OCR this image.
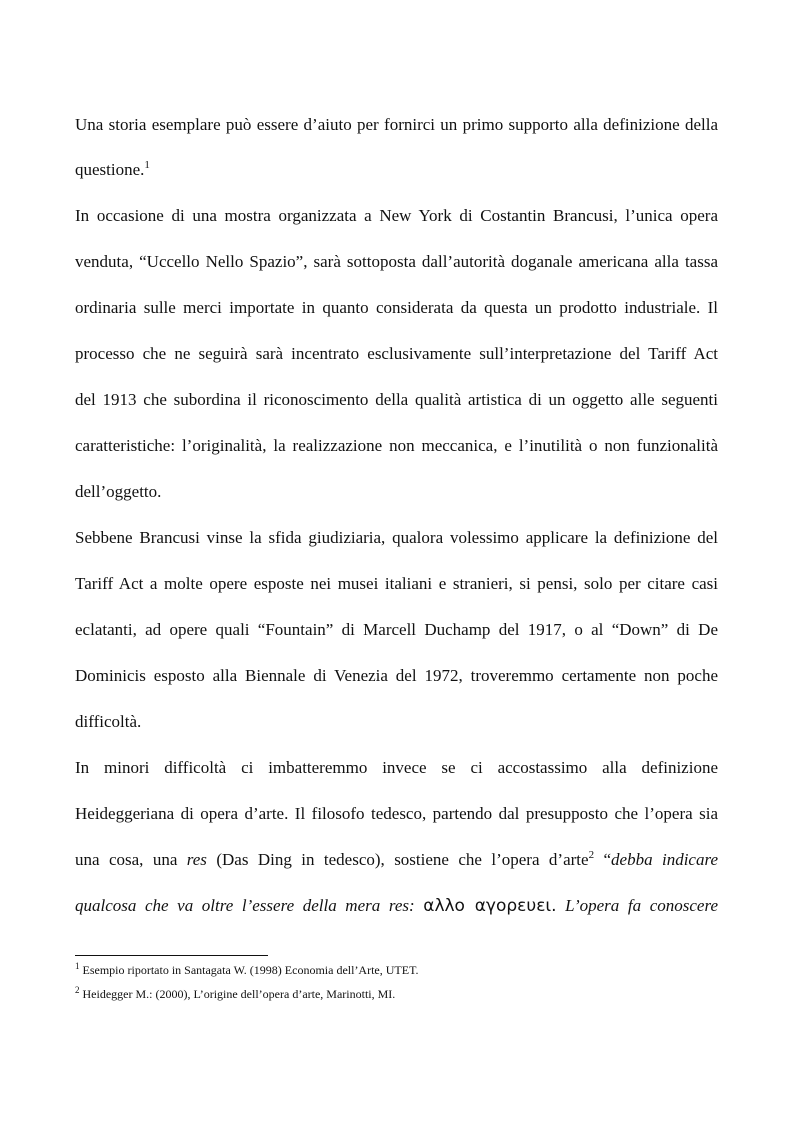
Una storia esemplare può essere d’aiuto per fornirci un primo supporto alla definizione della
questione.$^1$
In occasione di una mostra organizzata a New York di Costantin Brancusi, l’unica opera
venduta, “Uccello Nello Spazio”, sarà sottoposta dall’autorità doganale americana alla tassa
ordinaria sulle merci importate in quanto considerata da questa un prodotto industriale. Il
processo che ne seguirà sarà incentrato esclusivamente sull’interpretazione del Tariff Act
del 1913 che subordina il riconoscimento della qualità artistica di un oggetto alle seguenti
caratteristiche: l’originalità, la realizzazione non meccanica, e l’inutilità o non funzionalità
dell’oggetto.
Sebbene Brancusi vinse la sfida giudiziaria, qualora volessimo applicare la definizione del
Tariff Act a molte opere esposte nei musei italiani e stranieri, si pensi, solo per citare casi
eclatanti, ad opere quali “Fountain” di Marcell Duchamp del 1917, o al “Down” di De
Dominicis esposto alla Biennale di Venezia del 1972, troveremmo certamente non poche
difficoltà.
In minori difficoltà ci imbatteremmo invece se ci accostassimo alla definizione
Heideggeriana di opera d’arte. Il filosofo tedesco, partendo dal presupposto che l’opera sia
una cosa, una res (Das Ding in tedesco), sostiene che l’opera d’arte$^2$ “debba indicare
qualcosa che va oltre l’essere della mera res: αλλο αγορευει. L’opera fa conoscere
$^1$ Esempio riportato in Santagata W. (1998) Economia dell’Arte, UTET.
$^2$ Heidegger M.: (2000), L’origine dell’opera d’arte, Marinotti, MI.
